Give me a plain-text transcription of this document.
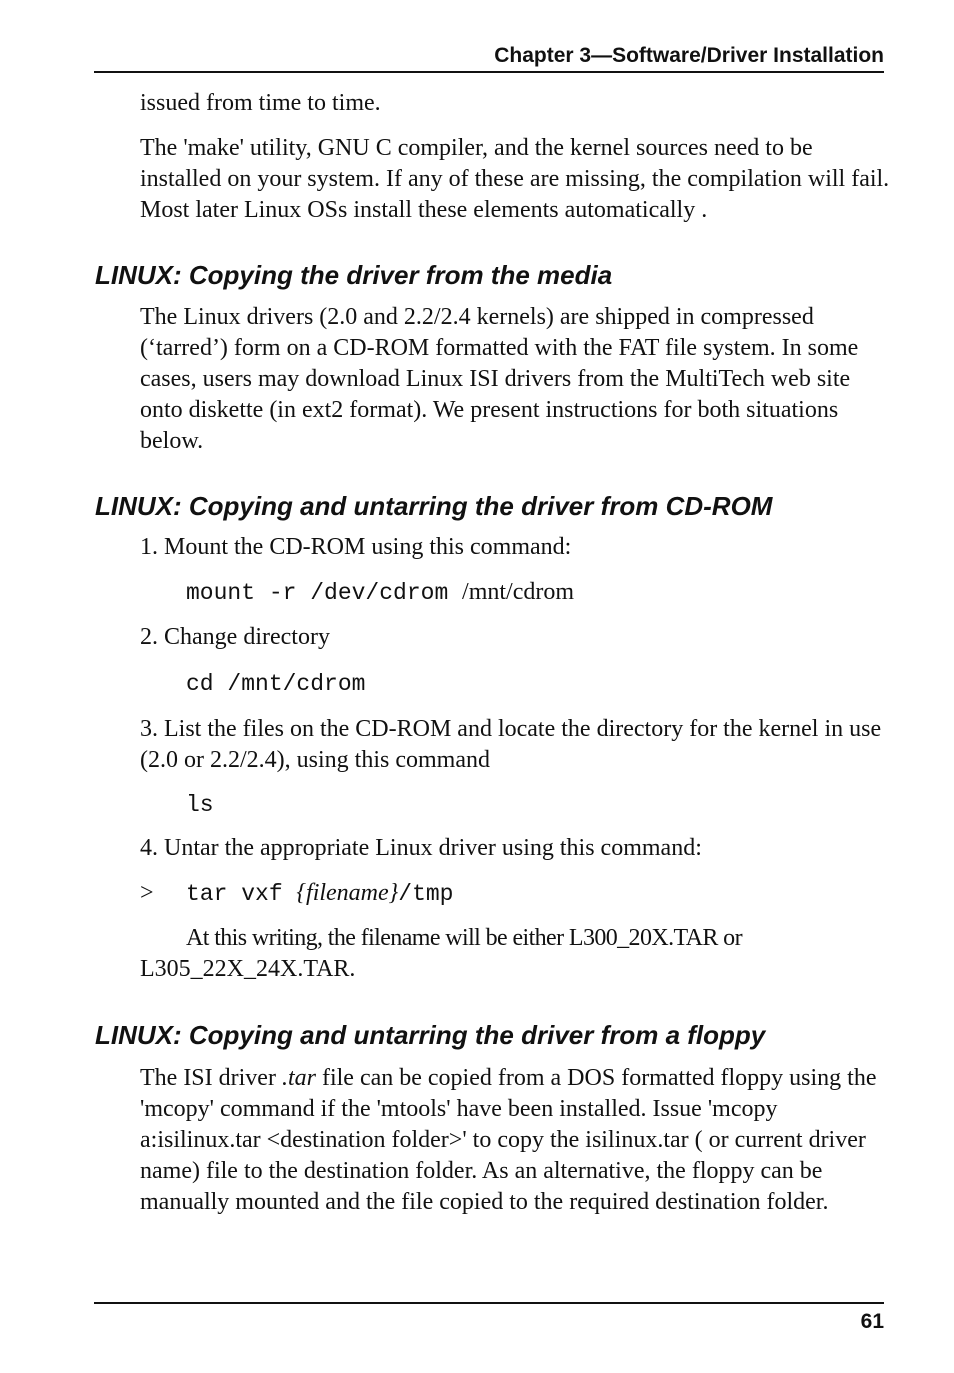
Chapter 3—Software/Driver Installation

issued from time to time.

The 'make' utility, GNU C compiler, and the kernel sources need to be installed on your system. If any of these are missing, the compilation will fail. Most later Linux OSs install these elements automatically .

LINUX: Copying the driver from the media

The Linux drivers (2.0 and 2.2/2.4 kernels) are shipped in compressed (‘tarred’) form on a CD-ROM formatted with the FAT file system. In some cases, users may download Linux ISI drivers from the MultiTech web site onto diskette (in ext2 format). We present instructions for both situations below.

LINUX: Copying and untarring the driver from CD-ROM
1. Mount the CD-ROM using this command:
mount -r /dev/cdrom /mnt/cdrom
2. Change directory
cd /mnt/cdrom

3. List the files on the CD-ROM and locate the directory for the kernel in use (2.0 or 2.2/2.4), using this command

ls
4. Untar the appropriate Linux driver using this command:
> tar vxf {filename}/tmp
At this writing, the filename will be either L300_20X.TAR or
L305_22X_24X.TAR.
LINUX: Copying and untarring the driver from a floppy

The ISI driver .tar file can be copied from a DOS formatted floppy using the 'mcopy' command if the 'mtools' have been installed. Issue 'mcopy a:isilinux.tar <destination folder>' to copy the isilinux.tar ( or current driver name) file to the destination folder. As an alternative, the floppy can be manually mounted and the file copied to the required destination folder.

61
